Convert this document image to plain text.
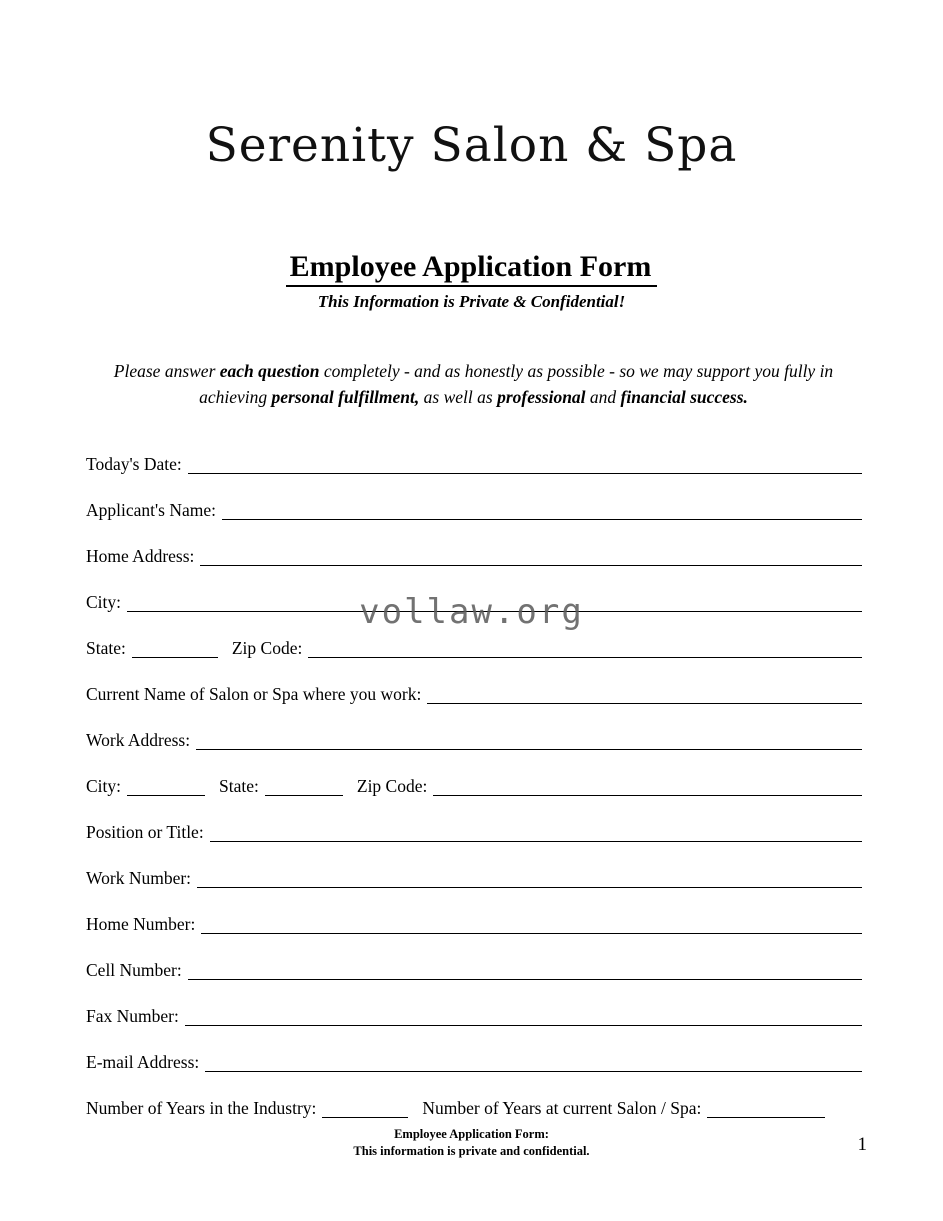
Serenity Salon & Spa
Employee Application Form
This Information is Private & Confidential!
Please answer each question completely - and as honestly as possible - so we may support you fully in achieving personal fulfillment, as well as professional and financial success.
Today's Date:
Applicant's Name:
Home Address:
City:
State:	Zip Code:
Current Name of Salon or Spa where you work:
Work Address:
City:	State:	Zip Code:
Position or Title:
Work Number:
Home Number:
Cell Number:
Fax Number:
E-mail Address:
Number of Years in the Industry:	Number of Years at current Salon / Spa:
vollaw.org
Employee Application Form:
This information is private and confidential.	1
